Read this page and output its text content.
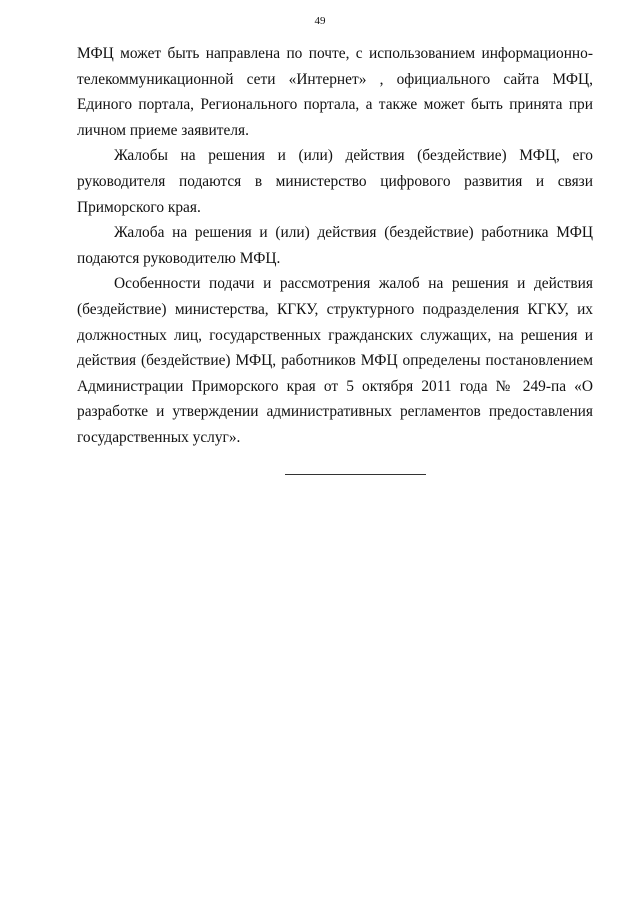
49

МФЦ может быть направлена по почте, с использованием информационно-телекоммуникационной сети «Интернет» , официального сайта МФЦ, Единого портала, Регионального портала, а также может быть принята при личном приеме заявителя.

Жалобы на решения и (или) действия (бездействие) МФЦ, его руководителя подаются в министерство цифрового развития и связи Приморского края.

Жалоба на решения и (или) действия (бездействие) работника МФЦ подаются руководителю МФЦ.

Особенности подачи и рассмотрения жалоб на решения и действия (бездействие) министерства, КГКУ, структурного подразделения КГКУ, их должностных лиц, государственных гражданских служащих, на решения и действия (бездействие) МФЦ, работников МФЦ определены постановлением Администрации Приморского края от 5 октября 2011 года № 249-па «О разработке и утверждении административных регламентов предоставления государственных услуг».
